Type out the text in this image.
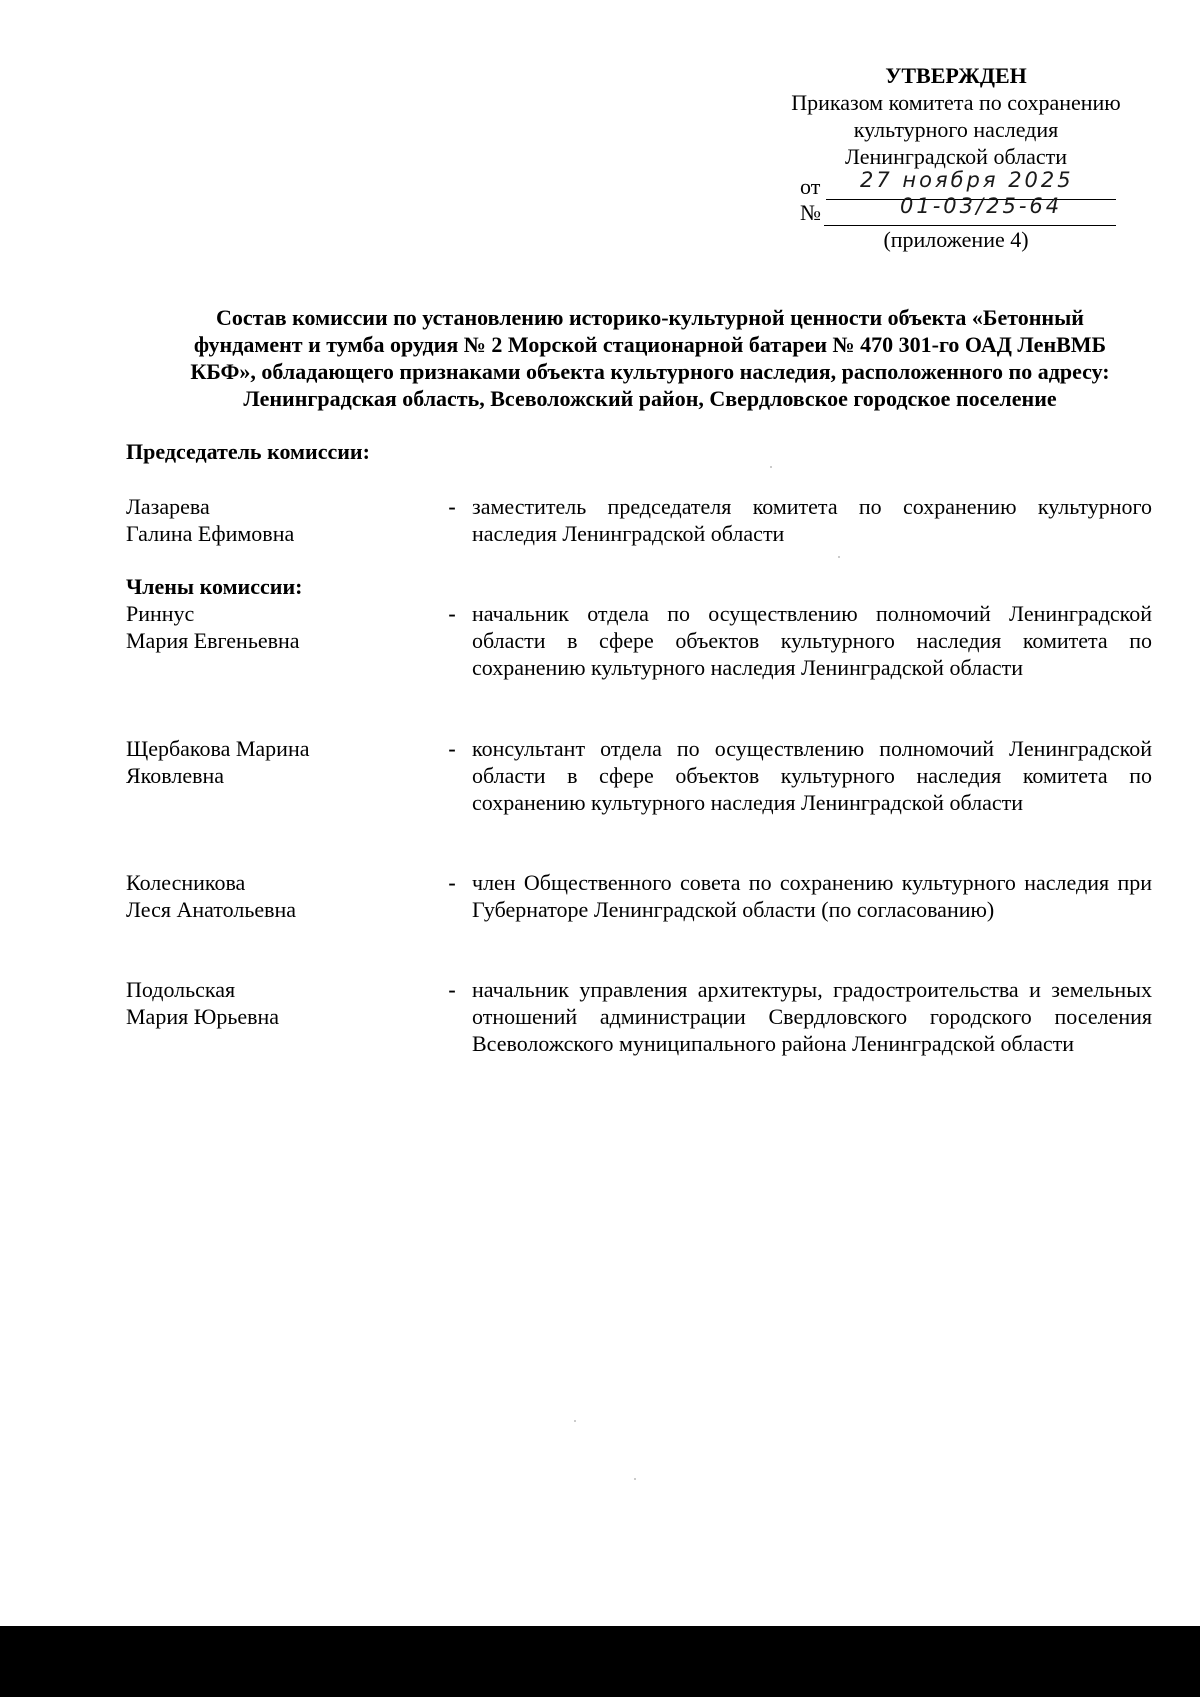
УТВЕРЖДЕН
Приказом комитета по сохранению
культурного наследия
Ленинградской области
от 27 ноября 2025
№	01-03/25-64
(приложение 4)
Состав комиссии по установлению историко-культурной ценности объекта «Бетонный
фундамент и тумба орудия № 2 Морской стационарной батареи № 470 301-го ОАД ЛенВМБ
КБФ», обладающего признаками объекта культурного наследия, расположенного по адресу:
Ленинградская область, Всеволожский район, Свердловское городское поселение
Председатель комиссии:
Лазарева
Галина Ефимовна
- заместитель председателя комитета по сохранению культурного наследия Ленинградской области
Члены комиссии:
Риннус
Мария Евгеньевна
- начальник отдела по осуществлению полномочий Ленинградской области в сфере объектов культурного наследия комитета по сохранению культурного наследия Ленинградской области
Щербакова Марина
Яковлевна
- консультант отдела по осуществлению полномочий Ленинградской области в сфере объектов культурного наследия комитета по сохранению культурного наследия Ленинградской области
Колесникова
Леся Анатольевна
- член Общественного совета по сохранению культурного наследия при Губернаторе Ленинградской области (по согласованию)
Подольская
Мария Юрьевна
- начальник управления архитектуры, градостроительства и земельных отношений администрации Свердловского городского поселения Всеволожского муниципального района Ленинградской области
